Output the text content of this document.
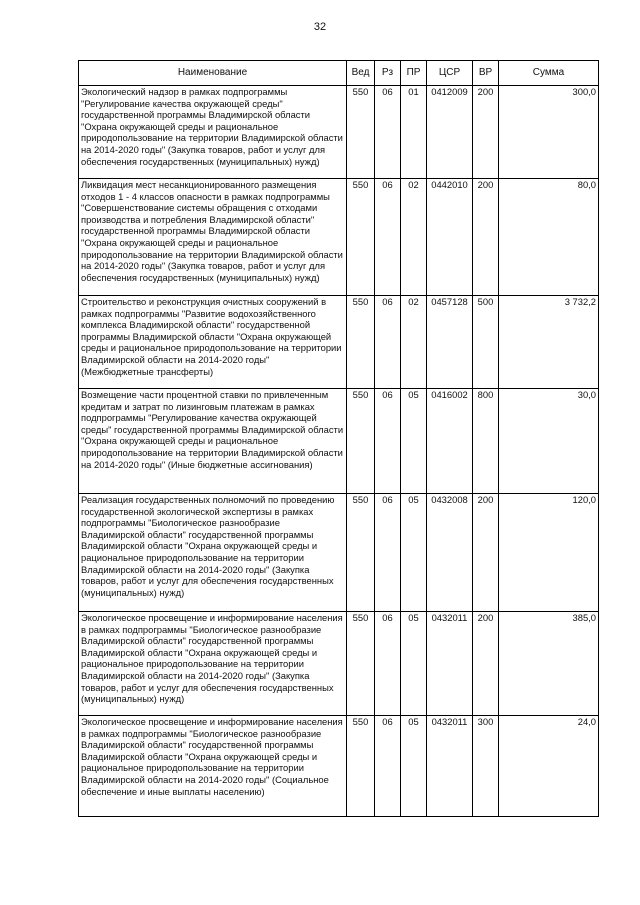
32
Наименование	Вед	Рз	ПР	ЦСР	ВР	Сумма
Экологический надзор в рамках подпрограммы "Регулирование качества окружающей среды" государственной программы Владимирской области "Охрана окружающей среды и рациональное природопользование на территории Владимирской области на 2014-2020 годы" (Закупка товаров, работ и услуг для обеспечения государственных (муниципальных) нужд)	550	06	01	0412009	200	300,0
Ликвидация мест несанкционированного размещения отходов 1 - 4 классов опасности в рамках подпрограммы "Совершенствование системы обращения с отходами производства и потребления Владимирской области" государственной программы Владимирской области "Охрана окружающей среды и рациональное природопользование на территории Владимирской области на 2014-2020 годы" (Закупка товаров, работ и услуг для обеспечения государственных (муниципальных) нужд)	550	06	02	0442010	200	80,0
Строительство и реконструкция очистных сооружений в рамках подпрограммы "Развитие водохозяйственного комплекса Владимирской области" государственной программы Владимирской области "Охрана окружающей среды и рациональное природопользование на территории Владимирской области на 2014-2020 годы" (Межбюджетные трансферты)	550	06	02	0457128	500	3 732,2
Возмещение части процентной ставки по привлеченным кредитам и затрат по лизинговым платежам в рамках подпрограммы "Регулирование качества окружающей среды" государственной программы Владимирской области "Охрана окружающей среды и рациональное природопользование на территории Владимирской области на 2014-2020 годы" (Иные бюджетные ассигнования)	550	06	05	0416002	800	30,0
Реализация государственных полномочий по проведению государственной экологической экспертизы в рамках подпрограммы "Биологическое разнообразие Владимирской области" государственной программы Владимирской области "Охрана окружающей среды и рациональное природопользование на территории Владимирской области на 2014-2020 годы" (Закупка товаров, работ и услуг для обеспечения государственных (муниципальных) нужд)	550	06	05	0432008	200	120,0
Экологическое просвещение и информирование населения в рамках подпрограммы "Биологическое разнообразие Владимирской области" государственной программы Владимирской области "Охрана окружающей среды и рациональное природопользование на территории Владимирской области на 2014-2020 годы" (Закупка товаров, работ и услуг для обеспечения государственных (муниципальных) нужд)	550	06	05	0432011	200	385,0
Экологическое просвещение и информирование населения в рамках подпрограммы "Биологическое разнообразие Владимирской области" государственной программы Владимирской области "Охрана окружающей среды и рациональное природопользование на территории Владимирской области на 2014-2020 годы" (Социальное обеспечение и иные выплаты населению)	550	06	05	0432011	300	24,0
